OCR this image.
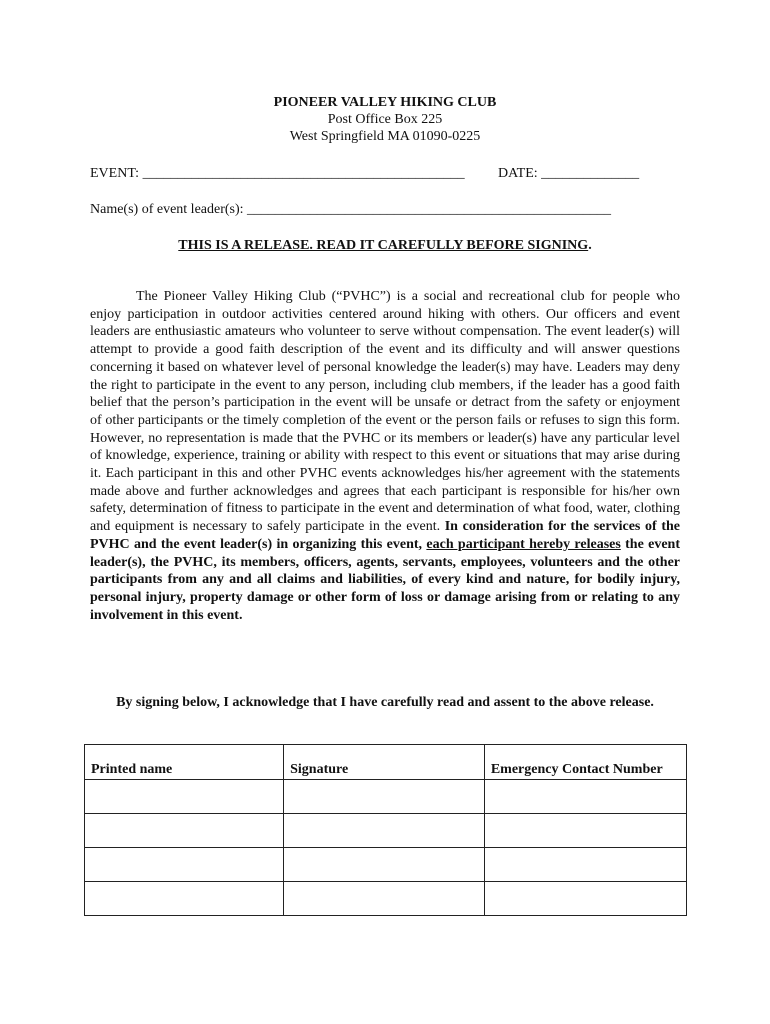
PIONEER VALLEY HIKING CLUB
Post Office Box 225
West Springfield MA 01090-0225
EVENT: ______________________________________________ DATE: ______________
Name(s) of event leader(s): ____________________________________________________
THIS IS A RELEASE. READ IT CAREFULLY BEFORE SIGNING.
The Pioneer Valley Hiking Club (“PVHC”) is a social and recreational club for people who enjoy participation in outdoor activities centered around hiking with others. Our officers and event leaders are enthusiastic amateurs who volunteer to serve without compensation. The event leader(s) will attempt to provide a good faith description of the event and its difficulty and will answer questions concerning it based on whatever level of personal knowledge the leader(s) may have. Leaders may deny the right to participate in the event to any person, including club members, if the leader has a good faith belief that the person’s participation in the event will be unsafe or detract from the safety or enjoyment of other participants or the timely completion of the event or the person fails or refuses to sign this form. However, no representation is made that the PVHC or its members or leader(s) have any particular level of knowledge, experience, training or ability with respect to this event or situations that may arise during it. Each participant in this and other PVHC events acknowledges his/her agreement with the statements made above and further acknowledges and agrees that each participant is responsible for his/her own safety, determination of fitness to participate in the event and determination of what food, water, clothing and equipment is necessary to safely participate in the event. In consideration for the services of the PVHC and the event leader(s) in organizing this event, each participant hereby releases the event leader(s), the PVHC, its members, officers, agents, servants, employees, volunteers and the other participants from any and all claims and liabilities, of every kind and nature, for bodily injury, personal injury, property damage or other form of loss or damage arising from or relating to any involvement in this event.
By signing below, I acknowledge that I have carefully read and assent to the above release.
Printed name	Signature	Emergency Contact Number
